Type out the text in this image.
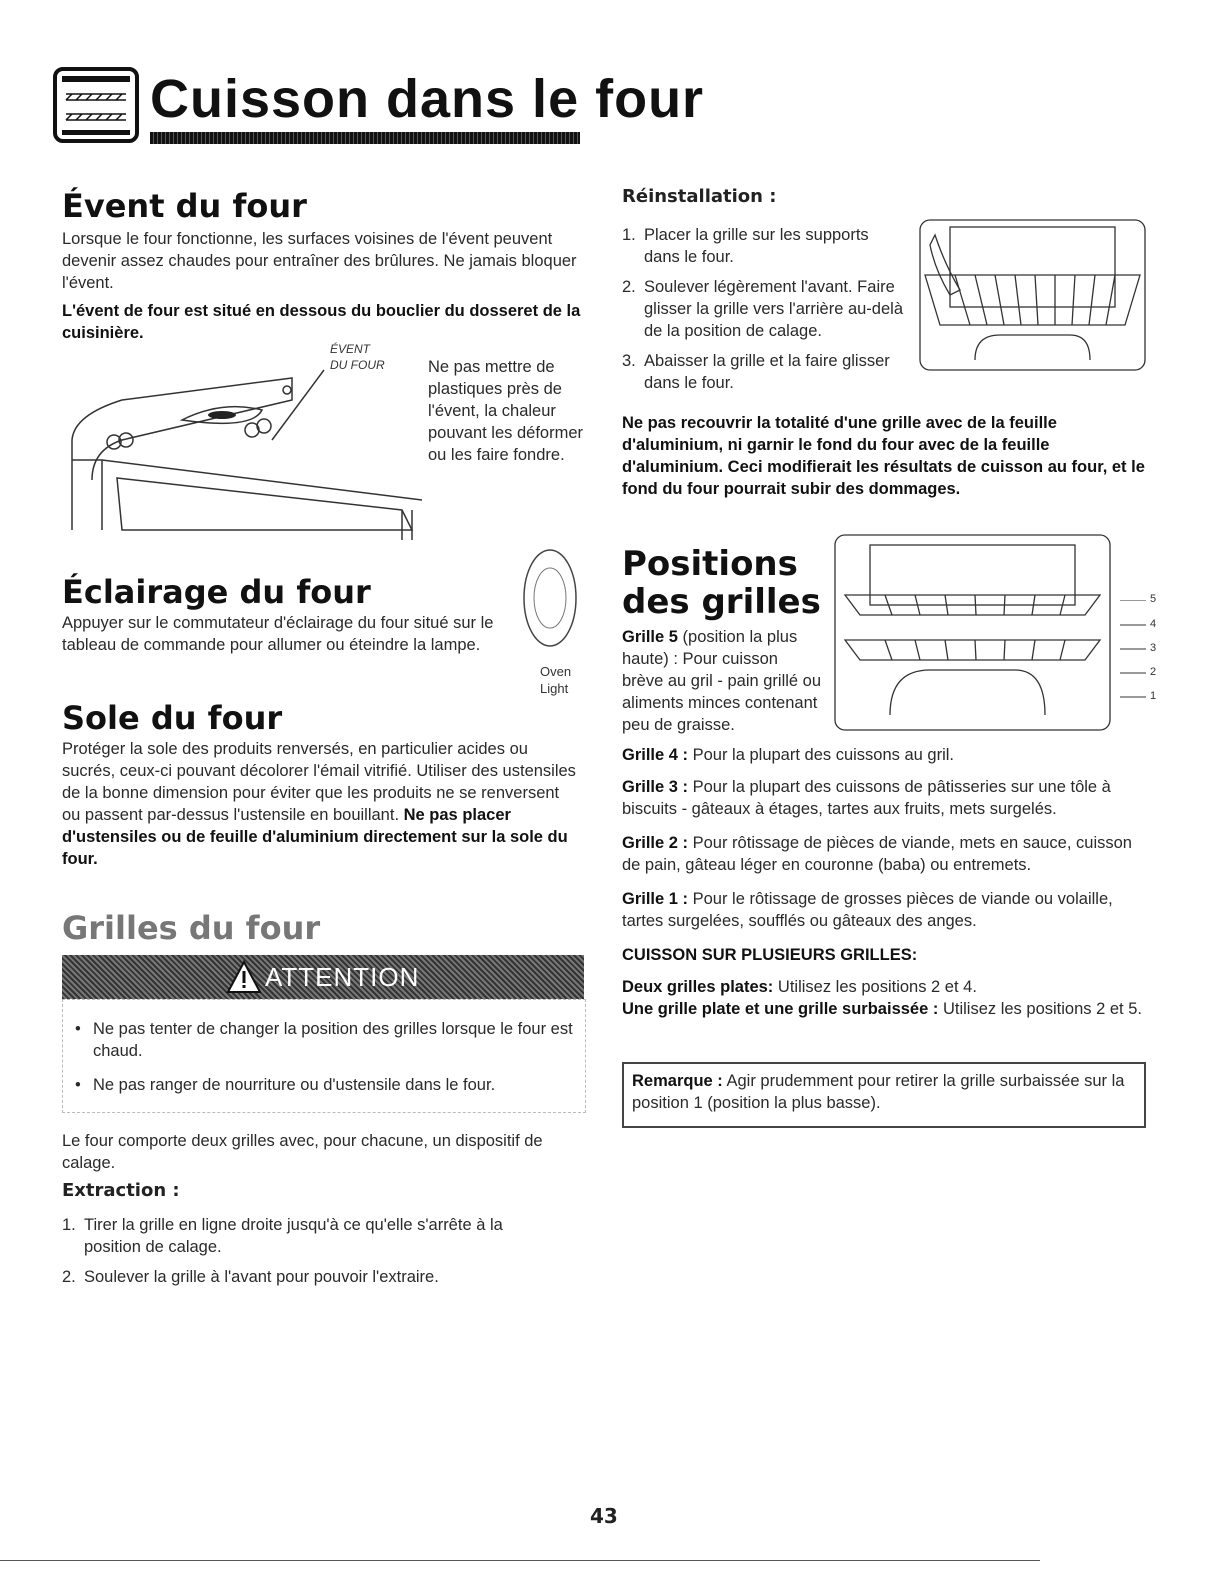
Cuisson dans le four
Évent du four
Lorsque le four fonctionne, les surfaces voisines de l'évent peuvent devenir assez chaudes pour entraîner des brûlures. Ne jamais bloquer l'évent.
L'évent de four est situé en dessous du bouclier du dosseret de la cuisinière.
ÉVENT
DU FOUR	Ne pas mettre de plastiques près de l'évent, la chaleur pouvant les déformer ou les faire fondre.
Éclairage du four
Appuyer sur le commutateur d'éclairage du four situé sur le tableau de commande pour allumer ou éteindre la lampe.
Oven
Light
Sole du four
Protéger la sole des produits renversés, en particulier acides ou sucrés, ceux-ci pouvant décolorer l'émail vitrifié. Utiliser des ustensiles de la bonne dimension pour éviter que les produits ne se renversent ou passent par-dessus l'ustensile en bouillant. Ne pas placer d'ustensiles ou de feuille d'aluminium directement sur la sole du four.
Grilles du four
ATTENTION
• Ne pas tenter de changer la position des grilles lorsque le four est chaud.
• Ne pas ranger de nourriture ou d'ustensile dans le four.
Le four comporte deux grilles avec, pour chacune, un dispositif de calage.
Extraction :
1. Tirer la grille en ligne droite jusqu'à ce qu'elle s'arrête à la position de calage.
2. Soulever la grille à l'avant pour pouvoir l'extraire.
Réinstallation :
1. Placer la grille sur les supports dans le four.
2. Soulever légèrement l'avant. Faire glisser la grille vers l'arrière au-delà de la position de calage.
3. Abaisser la grille et la faire glisser dans le four.
Ne pas recouvrir la totalité d'une grille avec de la feuille d'aluminium, ni garnir le fond du four avec de la feuille d'aluminium. Ceci modifierait les résultats de cuisson au four, et le fond du four pourrait subir des dommages.
Positions
des grilles
Grille 5 (position la plus haute) : Pour cuisson brève au gril - pain grillé ou aliments minces contenant peu de graisse.
5
4
3
2
1
Grille 4 : Pour la plupart des cuissons au gril.
Grille 3 : Pour la plupart des cuissons de pâtisseries sur une tôle à biscuits - gâteaux à étages, tartes aux fruits, mets surgelés.
Grille 2 : Pour rôtissage de pièces de viande, mets en sauce, cuisson de pain, gâteau léger en couronne (baba) ou entremets.
Grille 1 : Pour le rôtissage de grosses pièces de viande ou volaille, tartes surgelées, soufflés ou gâteaux des anges.
CUISSON SUR PLUSIEURS GRILLES:
Deux grilles plates: Utilisez les positions 2 et 4.
Une grille plate et une grille surbaissée : Utilisez les positions 2 et 5.
Remarque : Agir prudemment pour retirer la grille surbaissée sur la position 1 (position la plus basse).
43
